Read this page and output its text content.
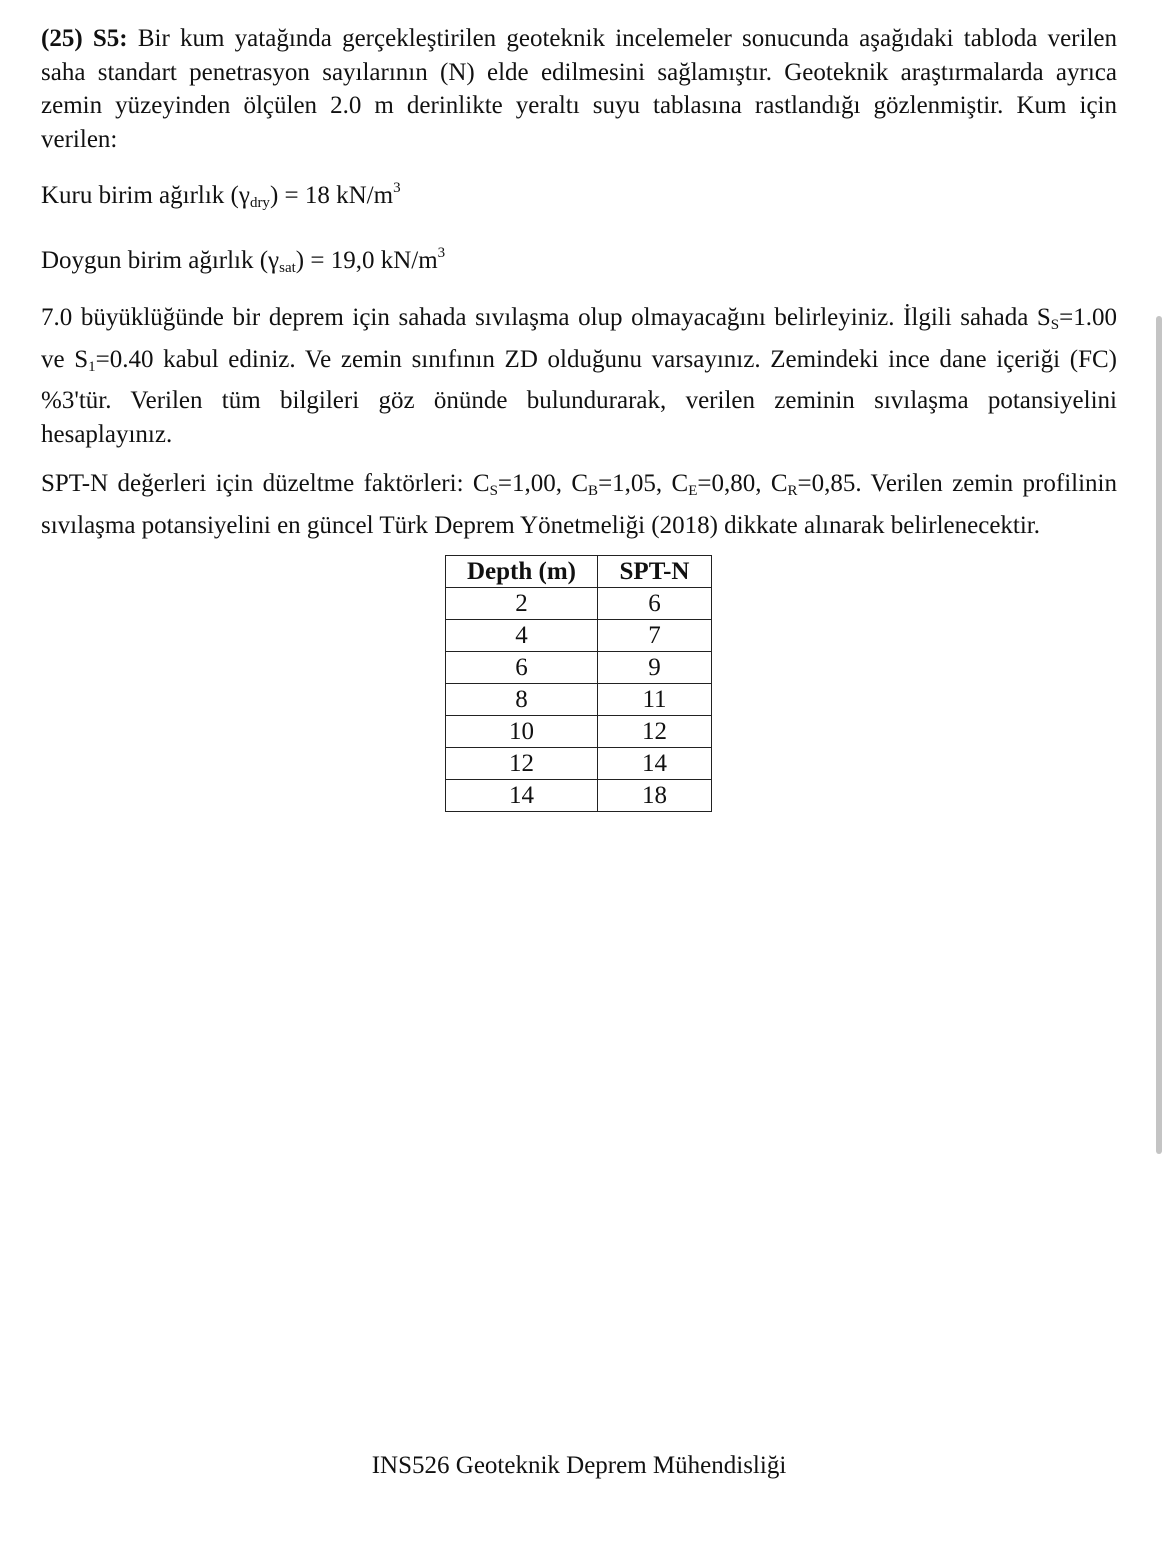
(25) S5: Bir kum yatağında gerçekleştirilen geoteknik incelemeler sonucunda aşağıdaki tabloda verilen saha standart penetrasyon sayılarının (N) elde edilmesini sağlamıştır. Geoteknik araştırmalarda ayrıca zemin yüzeyinden ölçülen 2.0 m derinlikte yeraltı suyu tablasına rastlandığı gözlenmiştir. Kum için verilen:

Kuru birim ağırlık $(\gamma_{dry}) = 18$ $kN/m^3$

Doygun birim ağırlık $(\gamma_{sat}) = 19,0$ $kN/m^3$

7.0 büyüklüğünde bir deprem için sahada sıvılaşma olup olmayacağını belirleyiniz. İlgili sahada $S_S=1.00$ ve $S_1=0.40$ kabul ediniz. Ve zemin sınıfının ZD olduğunu varsayınız. Zemindeki ince dane içeriği (FC) %3'tür. Verilen tüm bilgileri göz önünde bulundurarak, verilen zeminin sıvılaşma potansiyelini hesaplayınız.

SPT-N değerleri için düzeltme faktörleri: $C_S=1,00$, $C_B=1,05$, $C_E=0,80$, $C_R=0,85$. Verilen zemin profilinin sıvılaşma potansiyelini en güncel Türk Deprem Yönetmeliği (2018) dikkate alınarak belirlenecektir.

Depth (m)	SPT-N
2	6
4	7
6	9
8	11
10	12
12	14
14	18
INS526 Geoteknik Deprem Mühendisliği
